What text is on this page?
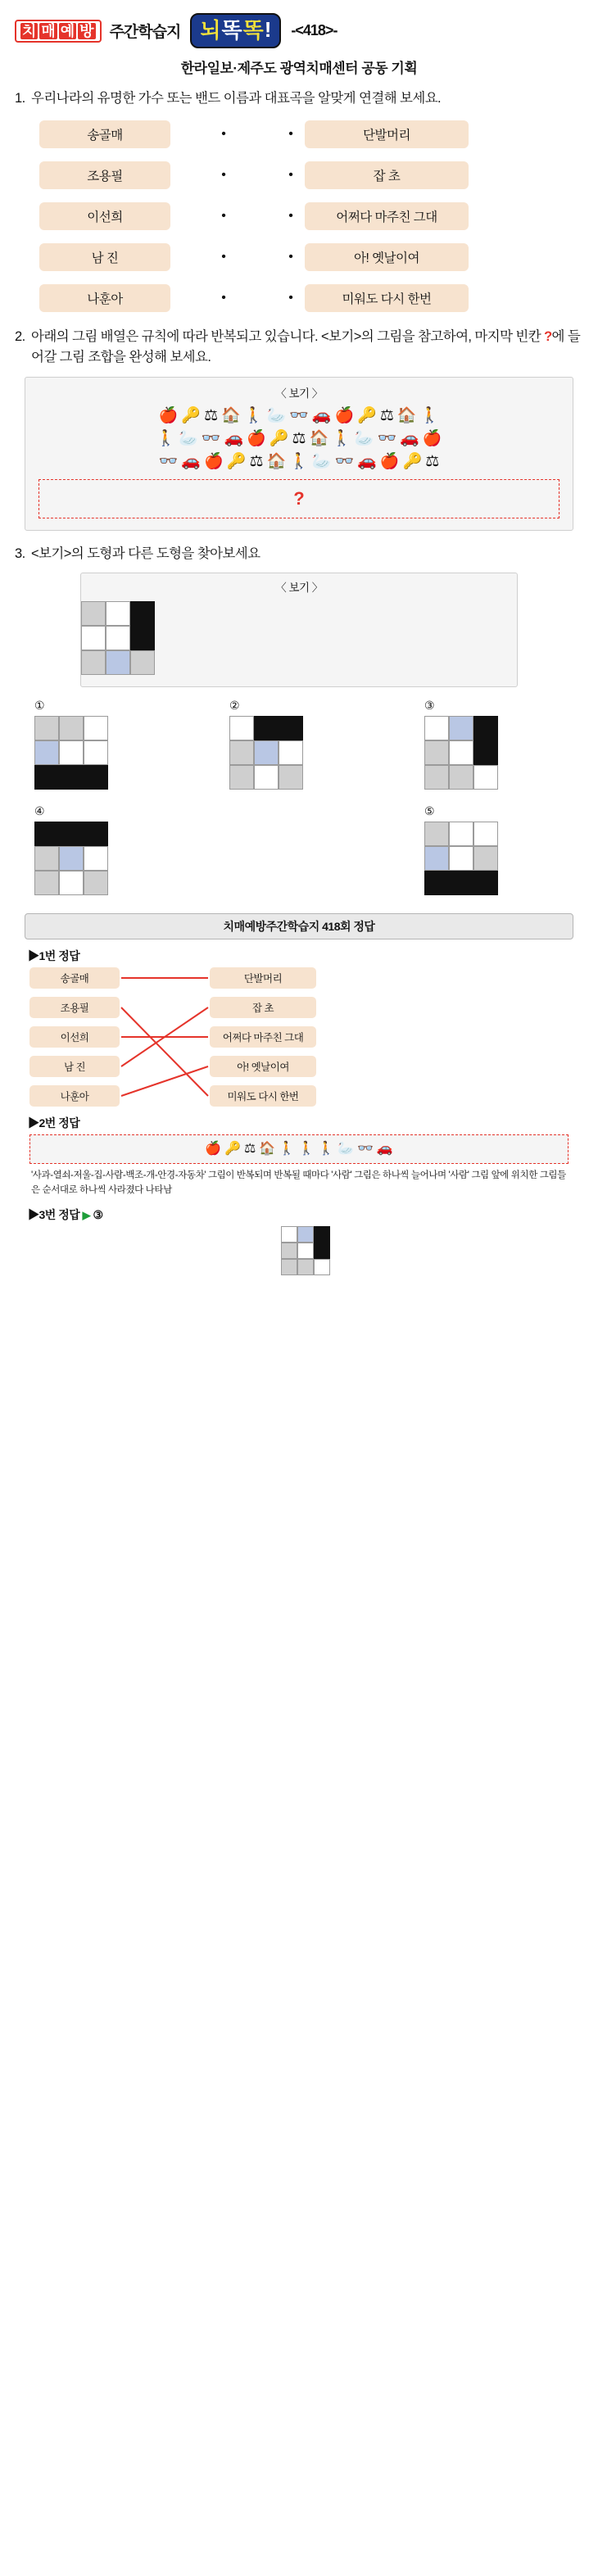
치 매 예 방 주간학습지 뇌 똑 똑 ! -<418>-
한라일보·제주도 광역치매센터 공동 기획
1. 우리나라의 유명한 가수 또는 밴드 이름과 대표곡을 알맞게 연결해 보세요.
송골매	•	•	단발머리
조용필	•	•	잡 초
이선희	•	•	어쩌다 마주친 그대
남 진	•	•	아! 옛날이여
나훈아	•	•	미워도 다시 한번
2. 아래의 그림 배열은 규칙에 따라 반복되고 있습니다. <보기>의 그림을 참고하여, 마지막 빈칸 ?에 들어갈 그림 조합을 완성해 보세요.
〈 보기 〉
🍎 🔑 ⚖ 🏠 🚶 🦢 👓 🚗 🍎 🔑 ⚖ 🏠 🚶
🚶 🦢 👓 🚗 🍎 🔑 ⚖ 🏠 🚶 🦢 👓 🚗 🍎
👓 🚗 🍎 🔑 ⚖ 🏠 🚶 🦢 👓 🚗 🍎 🔑 ⚖
?
3. <보기>의 도형과 다른 도형을 찾아보세요
〈 보기 〉
①	②	③
④	⑤
치매예방주간학습지 418회 정답
▶1번 정답
송골매	단발머리
조용필	잡 초
이선희	어쩌다 마주친 그대
남 진	아! 옛날이여
나훈아	미워도 다시 한번
▶2번 정답
🍎 🔑 ⚖ 🏠 🚶 🚶 🚶 🦢 👓 🚗
'사과-열쇠-저울-집-사람-백조-개-안경-자동차' 그림이 반복되며 반복될 때마다 '사람' 그림은 하나씩 늘어나며 '사람' 그림 앞에 위치한 그림들은 순서대로 하나씩 사라졌다 나타남
▶3번 정답 ▶ ③
